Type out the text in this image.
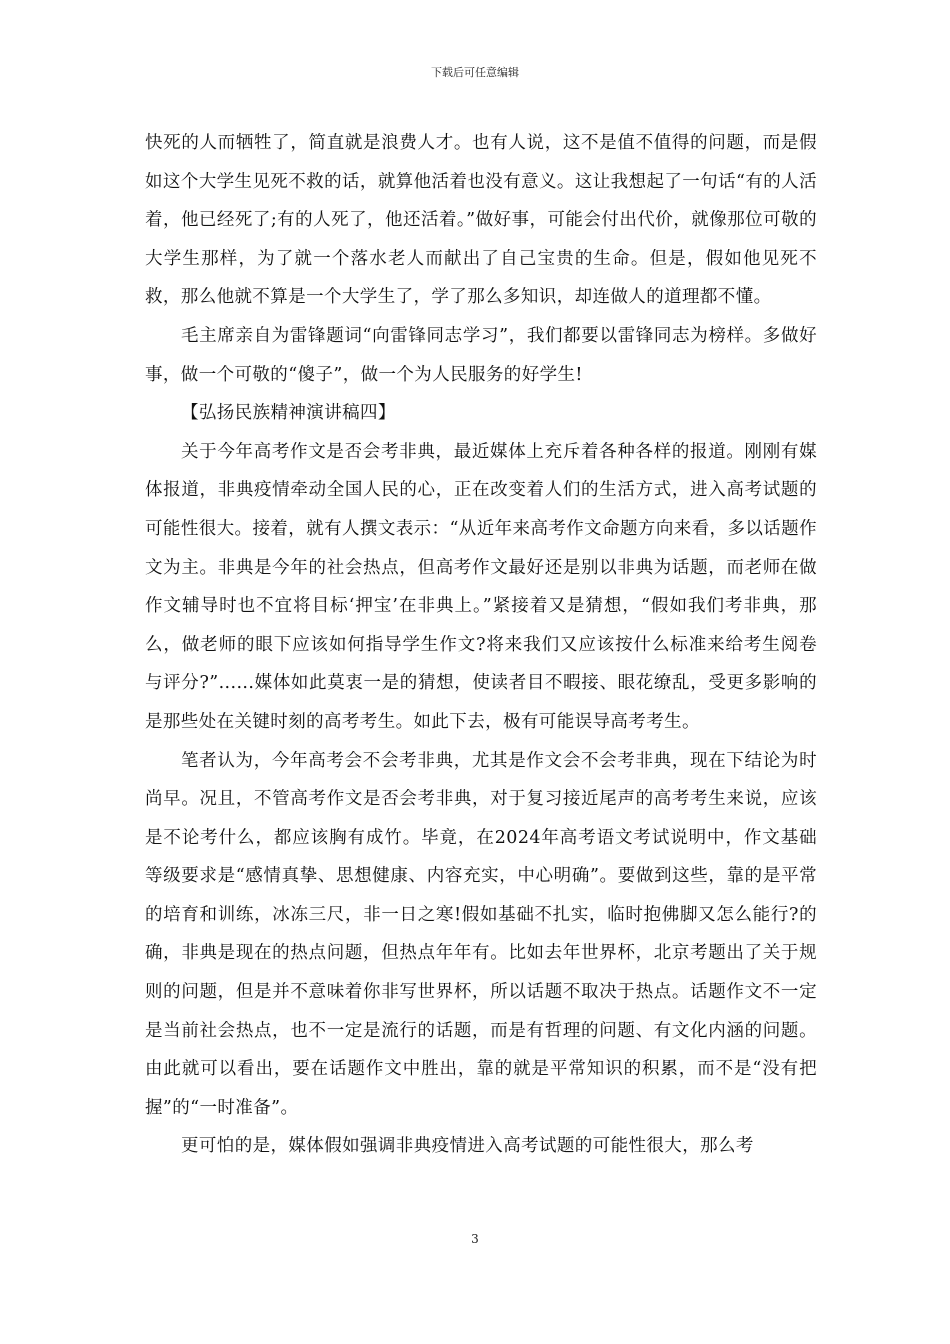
下载后可任意编辑

快死的人而牺牲了，简直就是浪费人才。也有人说，这不是值不值得的问题，而是假如这个大学生见死不救的话，就算他活着也没有意义。这让我想起了一句话“有的人活着，他已经死了;有的人死了，他还活着。”做好事，可能会付出代价，就像那位可敬的大学生那样，为了就一个落水老人而献出了自己宝贵的生命。但是，假如他见死不救，那么他就不算是一个大学生了，学了那么多知识，却连做人的道理都不懂。

毛主席亲自为雷锋题词“向雷锋同志学习”，我们都要以雷锋同志为榜样。多做好事，做一个可敬的“傻子”，做一个为人民服务的好学生!

【弘扬民族精神演讲稿四】

关于今年高考作文是否会考非典，最近媒体上充斥着各种各样的报道。刚刚有媒体报道，非典疫情牵动全国人民的心，正在改变着人们的生活方式，进入高考试题的可能性很大。接着，就有人撰文表示：“从近年来高考作文命题方向来看，多以话题作文为主。非典是今年的社会热点，但高考作文最好还是别以非典为话题，而老师在做作文辅导时也不宜将目标‘押宝’在非典上。”紧接着又是猜想，“假如我们考非典，那么，做老师的眼下应该如何指导学生作文?将来我们又应该按什么标准来给考生阅卷与评分?”......媒体如此莫衷一是的猜想，使读者目不暇接、眼花缭乱，受更多影响的是那些处在关键时刻的高考考生。如此下去，极有可能误导高考考生。

笔者认为，今年高考会不会考非典，尤其是作文会不会考非典，现在下结论为时尚早。况且，不管高考作文是否会考非典，对于复习接近尾声的高考考生来说，应该是不论考什么，都应该胸有成竹。毕竟，在2024年高考语文考试说明中，作文基础等级要求是“感情真挚、思想健康、内容充实，中心明确”。要做到这些，靠的是平常的培育和训练，冰冻三尺，非一日之寒!假如基础不扎实，临时抱佛脚又怎么能行?的确，非典是现在的热点问题，但热点年年有。比如去年世界杯，北京考题出了关于规则的问题，但是并不意味着你非写世界杯，所以话题不取决于热点。话题作文不一定是当前社会热点，也不一定是流行的话题，而是有哲理的问题、有文化内涵的问题。由此就可以看出，要在话题作文中胜出，靠的就是平常知识的积累，而不是“没有把握”的“一时准备”。

更可怕的是，媒体假如强调非典疫情进入高考试题的可能性很大，那么考

3
